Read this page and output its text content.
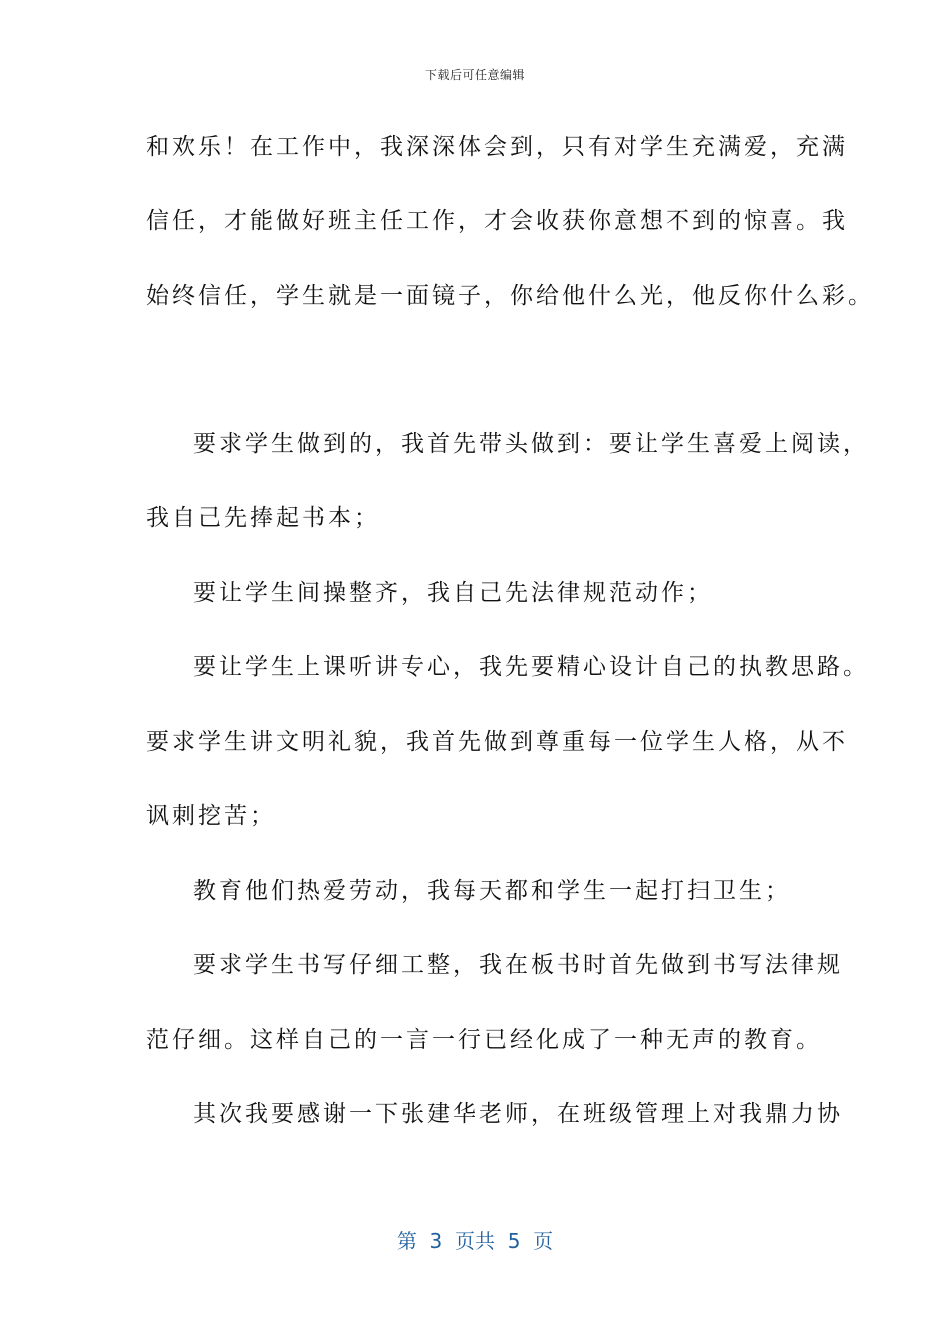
下载后可任意编辑
和欢乐！在工作中，我深深体会到，只有对学生充满爱，充满
信任，才能做好班主任工作，才会收获你意想不到的惊喜。我
始终信任，学生就是一面镜子，你给他什么光，他反你什么彩。
要求学生做到的，我首先带头做到：要让学生喜爱上阅读，
我自己先捧起书本；
要让学生间操整齐，我自己先法律规范动作；
要让学生上课听讲专心，我先要精心设计自己的执教思路。
要求学生讲文明礼貌，我首先做到尊重每一位学生人格，从不
讽刺挖苦；
教育他们热爱劳动，我每天都和学生一起打扫卫生；
要求学生书写仔细工整，我在板书时首先做到书写法律规
范仔细。这样自己的一言一行已经化成了一种无声的教育。
其次我要感谢一下张建华老师，在班级管理上对我鼎力协
第  3  页共  5  页
